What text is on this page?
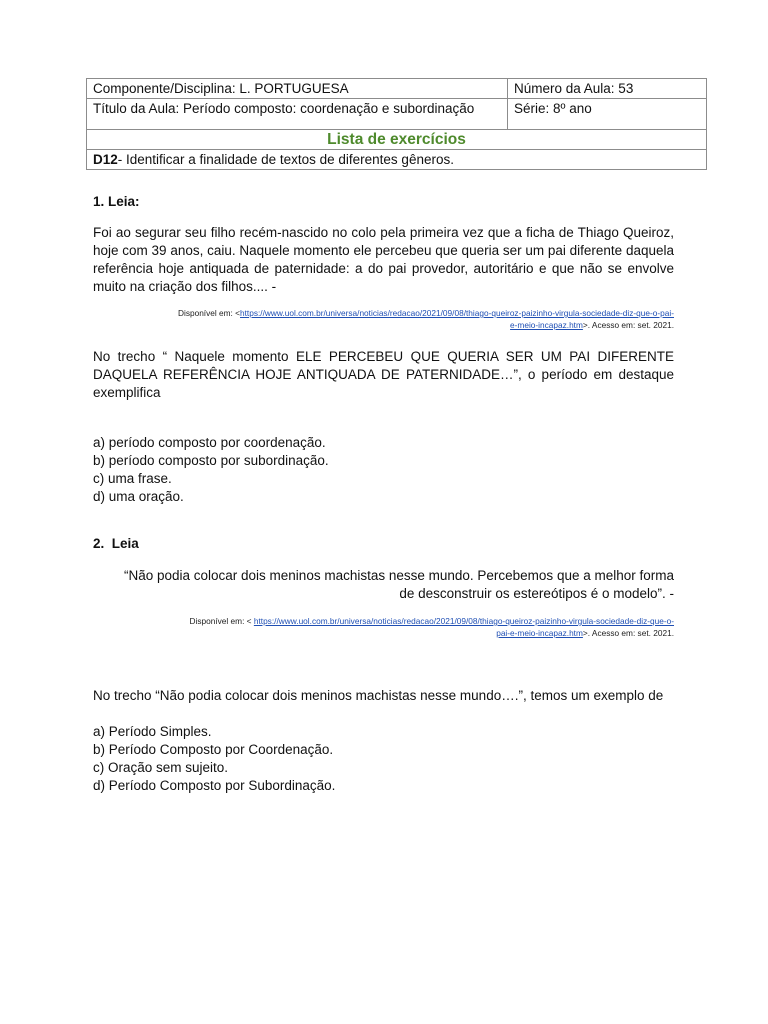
Componente/Disciplina: L. PORTUGUESA	Número da Aula: 53
Título da Aula: Período composto: coordenação e subordinação	Série: 8º ano
Lista de exercícios	
D12- Identificar a finalidade de textos de diferentes gêneros.	
1. Leia:
Foi ao segurar seu filho recém-nascido no colo pela primeira vez que a ficha de Thiago Queiroz, hoje com 39 anos, caiu. Naquele momento ele percebeu que queria ser um pai diferente daquela referência hoje antiquada de paternidade: a do pai provedor, autoritário e que não se envolve muito na criação dos filhos.... -
Disponível em: <https://www.uol.com.br/universa/noticias/redacao/2021/09/08/thiago-queiroz-paizinho-virgula-sociedade-diz-que-o-pai-
e-meio-incapaz.htm>. Acesso em: set. 2021.
No trecho “ Naquele momento ELE PERCEBEU QUE QUERIA SER UM PAI DIFERENTE DAQUELA REFERÊNCIA HOJE ANTIQUADA DE PATERNIDADE…”, o período em destaque exemplifica
a) período composto por coordenação.
b) período composto por subordinação.
c) uma frase.
d) uma oração.
2. Leia
“Não podia colocar dois meninos machistas nesse mundo. Percebemos que a melhor forma
de desconstruir os estereótipos é o modelo”. -
Disponível em: < https://www.uol.com.br/universa/noticias/redacao/2021/09/08/thiago-queiroz-paizinho-virgula-sociedade-diz-que-o-
pai-e-meio-incapaz.htm>. Acesso em: set. 2021.
No trecho “Não podia colocar dois meninos machistas nesse mundo….”, temos um exemplo de
a) Período Simples.
b) Período Composto por Coordenação.
c) Oração sem sujeito.
d) Período Composto por Subordinação.
